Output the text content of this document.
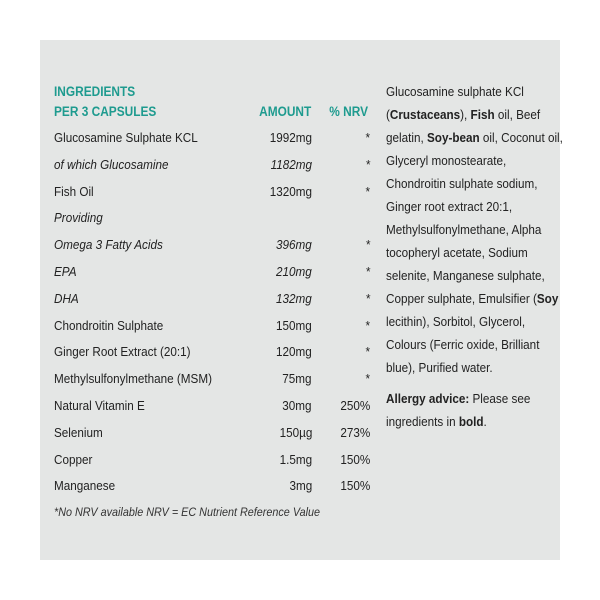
INGREDIENTS
PER 3 CAPSULES	AMOUNT % NRV
Glucosamine Sulphate KCL	1992mg	*
of which Glucosamine	1182mg	*
Fish Oil	1320mg	*
Providing
Omega 3 Fatty Acids	396mg	*
EPA	210mg	*
DHA	132mg	*
Chondroitin Sulphate	150mg	*
Ginger Root Extract (20:1)	120mg	*
Methylsulfonylmethane (MSM)	75mg	*
Natural Vitamin E	30mg 250%
Selenium	150µg 273%
Copper	1.5mg 150%
Manganese	3mg 150%
*No NRV available NRV = EC Nutrient Reference Value

Glucosamine sulphate KCl (Crustaceans), Fish oil, Beef gelatin, Soy-bean oil, Coconut oil, Glyceryl monostearate, Chondroitin sulphate sodium, Ginger root extract 20:1, Methylsulfonylmethane, Alpha tocopheryl acetate, Sodium selenite, Manganese sulphate, Copper sulphate, Emulsifier (Soy lecithin), Sorbitol, Glycerol, Colours (Ferric oxide, Brilliant blue), Purified water.

Allergy advice: Please see ingredients in bold.
